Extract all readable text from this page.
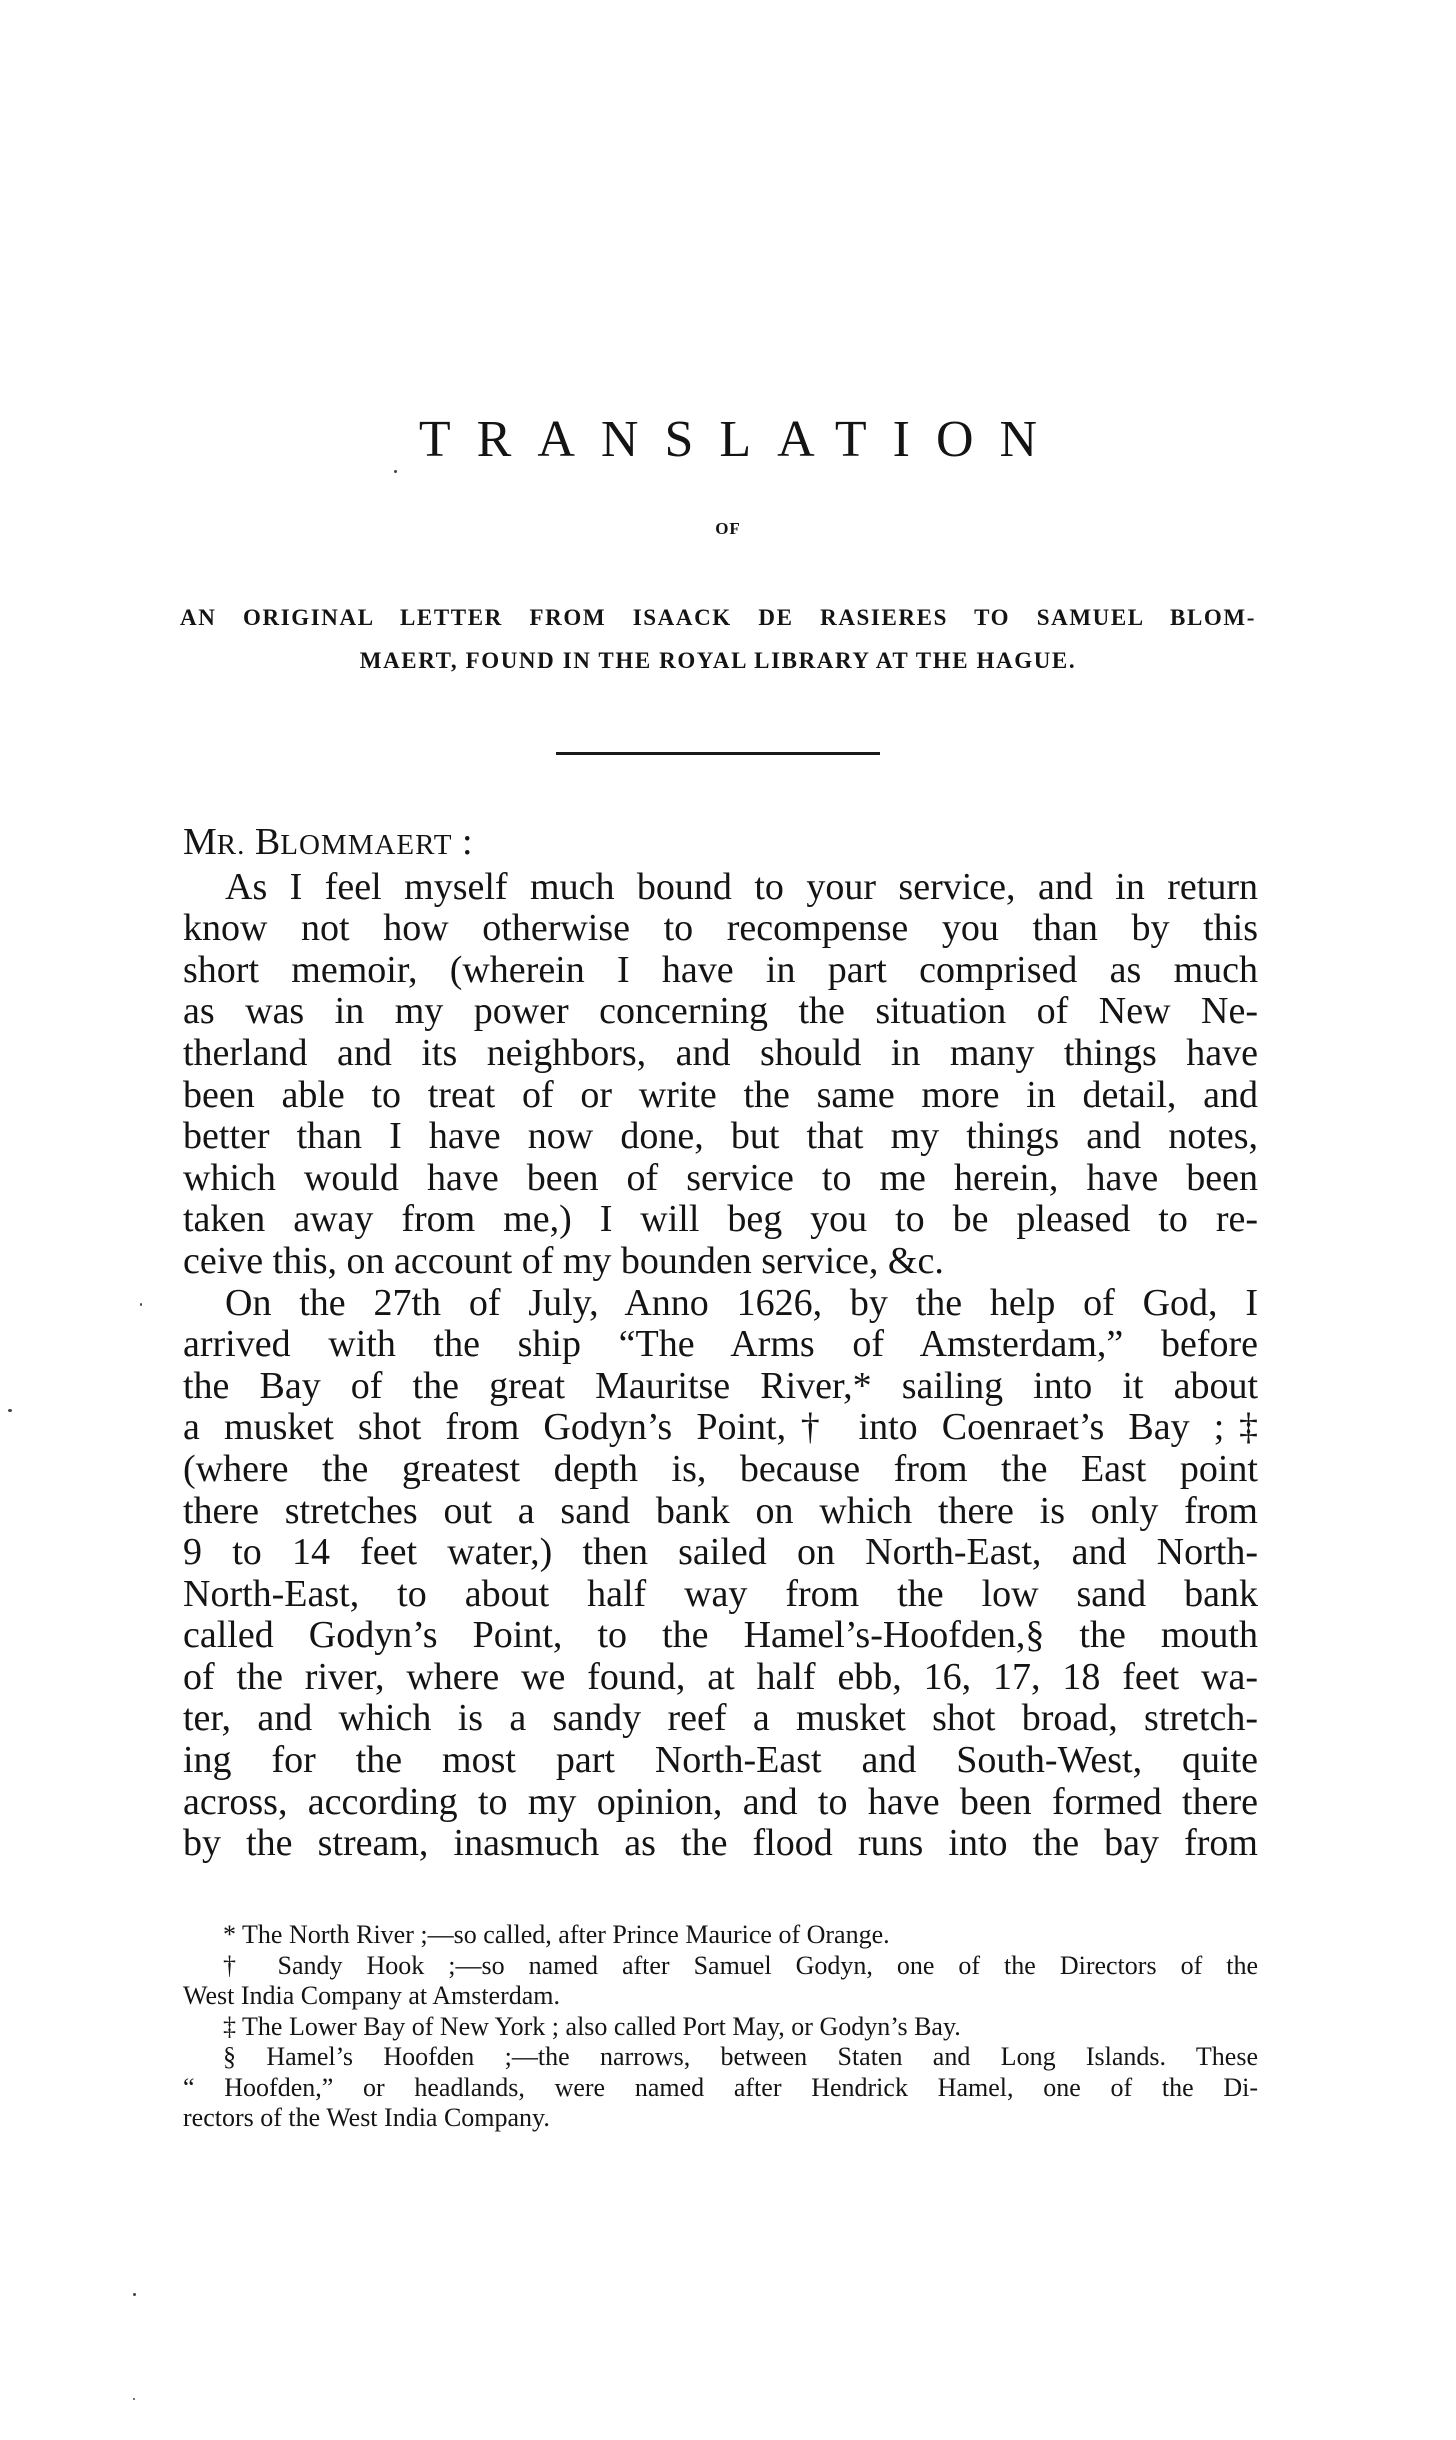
TRANSLATION
OF
AN ORIGINAL LETTER FROM ISAACK DE RASIERES TO SAMUEL BLOM-
MAERT, FOUND IN THE ROYAL LIBRARY AT THE HAGUE.
MR. BLOMMAERT :
As I feel myself much bound to your service, and in return
know not how otherwise to recompense you than by this
short memoir, (wherein I have in part comprised as much
as was in my power concerning the situation of New Ne-
therland and its neighbors, and should in many things have
been able to treat of or write the same more in detail, and
better than I have now done, but that my things and notes,
which would have been of service to me herein, have been
taken away from me,) I will beg you to be pleased to re-
ceive this, on account of my bounden service, &c.
On the 27th of July, Anno 1626, by the help of God, I
arrived with the ship “The Arms of Amsterdam,” before
the Bay of the great Mauritse River,* sailing into it about
a musket shot from Godyn’s Point,† into Coenraet’s Bay ;‡
(where the greatest depth is, because from the East point
there stretches out a sand bank on which there is only from
9 to 14 feet water,) then sailed on North-East, and North-
North-East, to about half way from the low sand bank
called Godyn’s Point, to the Hamel’s-Hoofden,§ the mouth
of the river, where we found, at half ebb, 16, 17, 18 feet wa-
ter, and which is a sandy reef a musket shot broad, stretch-
ing for the most part North-East and South-West, quite
across, according to my opinion, and to have been formed there
by the stream, inasmuch as the flood runs into the bay from
* The North River ;—so called, after Prince Maurice of Orange.
† Sandy Hook ;—so named after Samuel Godyn, one of the Directors of the
West India Company at Amsterdam.
‡ The Lower Bay of New York ; also called Port May, or Godyn’s Bay.
§ Hamel’s Hoofden ;—the narrows, between Staten and Long Islands. These
“ Hoofden,” or headlands, were named after Hendrick Hamel, one of the Di-
rectors of the West India Company.
